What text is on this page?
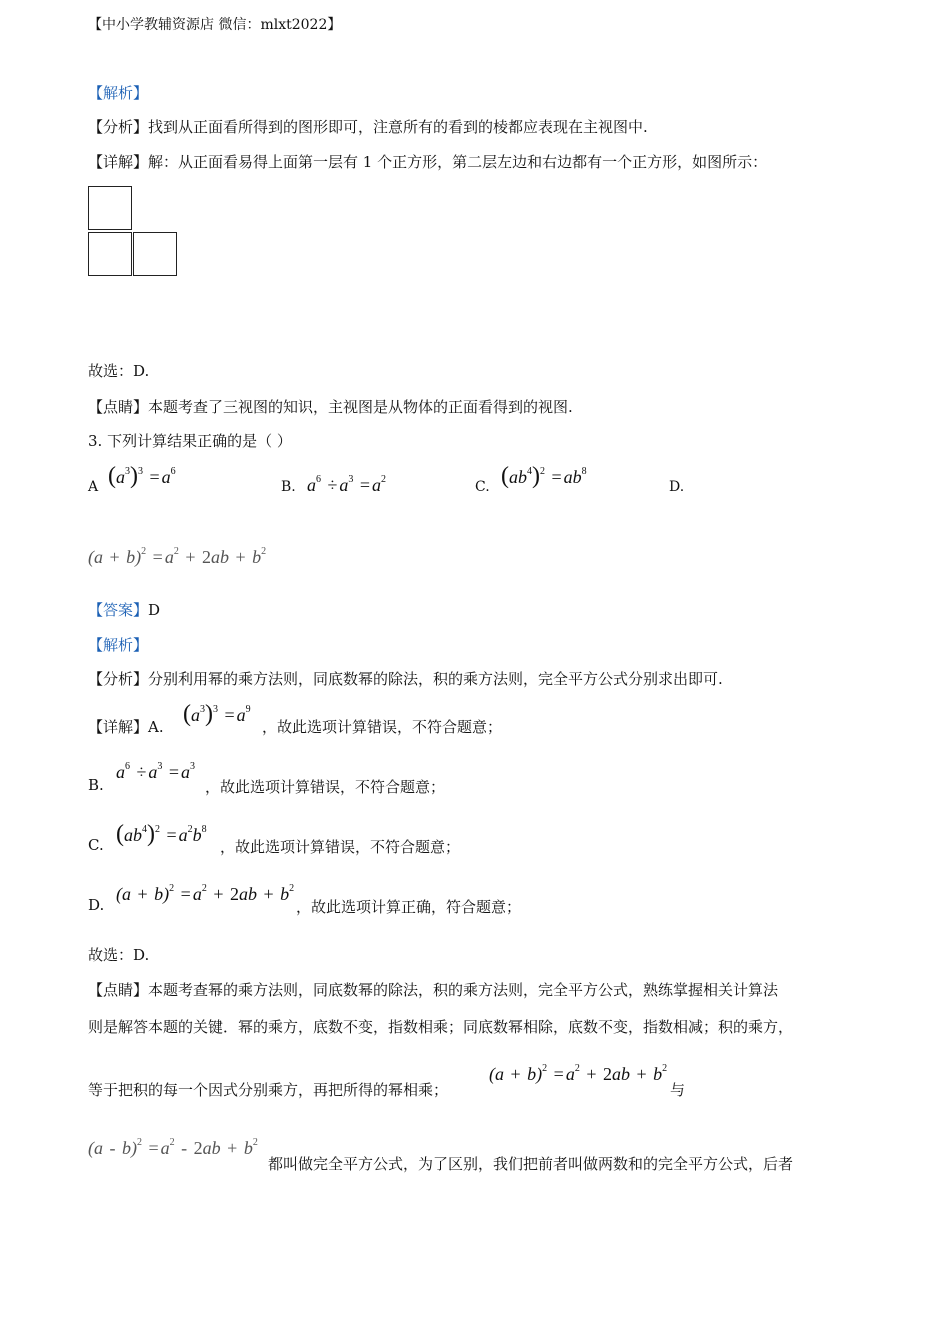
【中小学教辅资源店 微信：mlxt2022】
【解析】
【分析】找到从正面看所得到的图形即可，注意所有的看到的棱都应表现在主视图中.
【详解】解：从正面看易得上面第一层有 1 个正方形，第二层左边和右边都有一个正方形，如图所示：
故选：D.
【点睛】本题考查了三视图的知识，主视图是从物体的正面看得到的视图.
3. 下列计算结果正确的是（ ）
A $(a^3)^3 = a^6$
B. $a^6 \div a^3 = a^2$	C. $(ab^4)^2 = ab^8$
D.
$(a + b)^2 = a^2 + 2ab + b^2$
【答案】D
【解析】
【分析】分别利用幂的乘方法则，同底数幂的除法，积的乘方法则，完全平方公式分别求出即可.
【详解】A. $(a^3)^3 = a^9$
，故此选项计算错误，不符合题意；
B.
$a^6 \div a^3 = a^3$
，故此选项计算错误，不符合题意；
C. $(ab^4)^2 = a^2b^8$
，故此选项计算错误，不符合题意；
D.
$(a + b)^2 = a^2 + 2ab + b^2$
，故此选项计算正确，符合题意；
故选：D.
【点睛】本题考查幂的乘方法则，同底数幂的除法，积的乘方法则，完全平方公式，熟练掌握相关计算法
则是解答本题的关键．幂的乘方，底数不变，指数相乘；同底数幂相除，底数不变，指数相减；积的乘方，
等于把积的每一个因式分别乘方，再把所得的幂相乘；
$(a + b)^2 = a^2 + 2ab + b^2$
与
$(a - b)^2 = a^2 - 2ab + b^2$
都叫做完全平方公式，为了区别，我们把前者叫做两数和的完全平方公式，后者
